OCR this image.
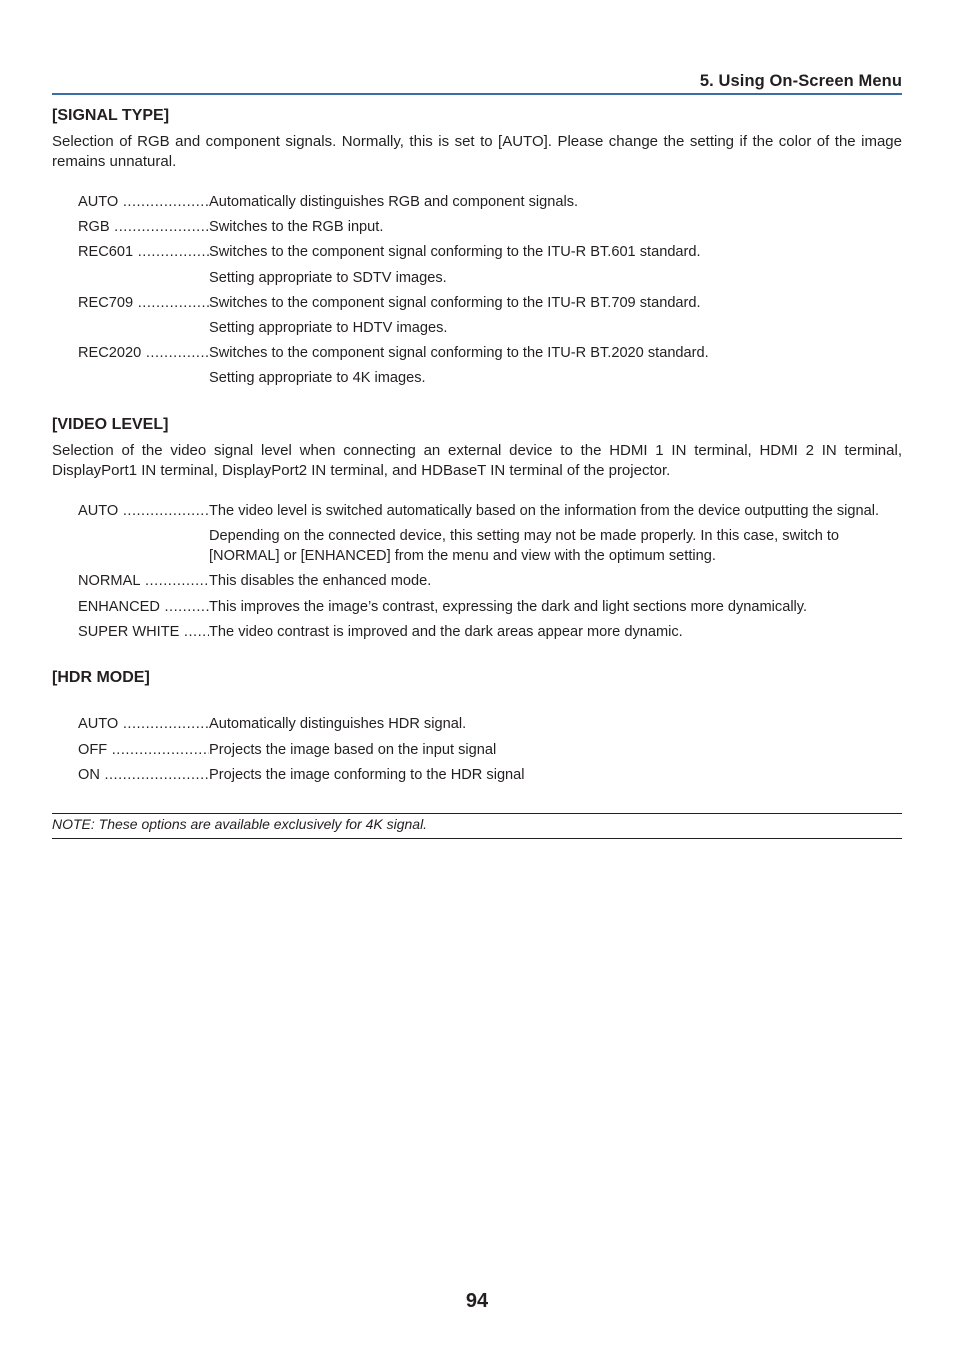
5. Using On-Screen Menu
[SIGNAL TYPE]
Selection of RGB and component signals. Normally, this is set to [AUTO]. Please change the setting if the color of the image remains unnatural.
AUTO .....	Automatically distinguishes RGB and component signals.
RGB .....	Switches to the RGB input.
REC601 .....	Switches to the component signal conforming to the ITU-R BT.601 standard.
Setting appropriate to SDTV images.
REC709 .....	Switches to the component signal conforming to the ITU-R BT.709 standard.
Setting appropriate to HDTV images.
REC2020 .....	Switches to the component signal conforming to the ITU-R BT.2020 standard.
Setting appropriate to 4K images.
[VIDEO LEVEL]
Selection of the video signal level when connecting an external device to the HDMI 1 IN terminal, HDMI 2 IN terminal, DisplayPort1 IN terminal, DisplayPort2 IN terminal, and HDBaseT IN terminal of the projector.
AUTO .....	The video level is switched automatically based on the information from the device outputting the signal.
Depending on the connected device, this setting may not be made properly. In this case, switch to [NORMAL] or [ENHANCED] from the menu and view with the optimum setting.
NORMAL .....	This disables the enhanced mode.
ENHANCED .....	This improves the image’s contrast, expressing the dark and light sections more dynamically.
SUPER WHITE .....	The video contrast is improved and the dark areas appear more dynamic.
[HDR MODE]
AUTO .....	Automatically distinguishes HDR signal.
OFF .....	Projects the image based on the input signal
ON .....	Projects the image conforming to the HDR signal
NOTE: These options are available exclusively for 4K signal.
94
